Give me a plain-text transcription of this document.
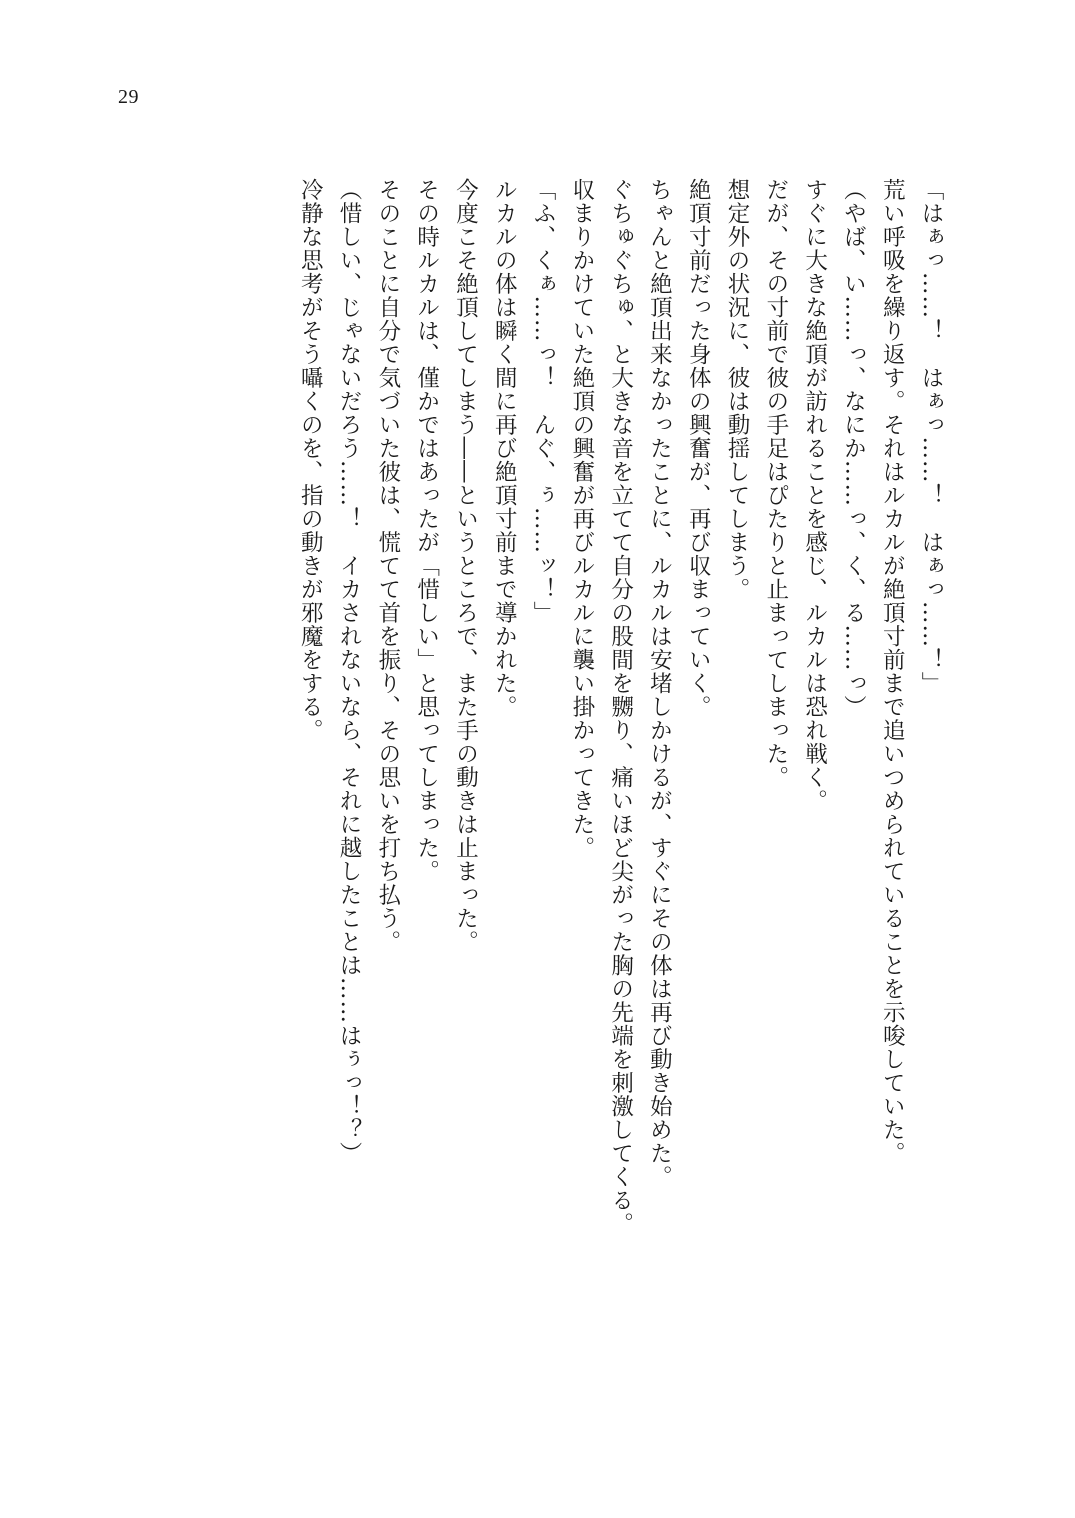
29

「はぁっ……！　はぁっ……！　はぁっ……！」

荒い呼吸を繰り返す。それはルカルが絶頂寸前まで追いつめられていることを示唆していた。

（やば、い……っ、なにか……っ、く、る……っ）

すぐに大きな絶頂が訪れることを感じ、ルカルは恐れ戦く。

だが、その寸前で彼の手足はぴたりと止まってしまった。

想定外の状況に、彼は動揺してしまう。

絶頂寸前だった身体の興奮が、再び収まっていく。

ちゃんと絶頂出来なかったことに、ルカルは安堵しかけるが、すぐにその体は再び動き始めた。

ぐちゅぐちゅ、と大きな音を立てて自分の股間を嬲り、痛いほど尖がった胸の先端を刺激してくる。

収まりかけていた絶頂の興奮が再びルカルに襲い掛かってきた。

「ふ、くぁ……っ！　んぐ、ぅ……ッ！」

ルカルの体は瞬く間に再び絶頂寸前まで導かれた。

今度こそ絶頂してしまう――というところで、また手の動きは止まった。

その時ルカルは、僅かではあったが「惜しい」と思ってしまった。

そのことに自分で気づいた彼は、慌てて首を振り、その思いを打ち払う。

（惜しい、じゃないだろう……！　イカされないなら、それに越したことは……はぅっ！？）

冷静な思考がそう囁くのを、指の動きが邪魔をする。
